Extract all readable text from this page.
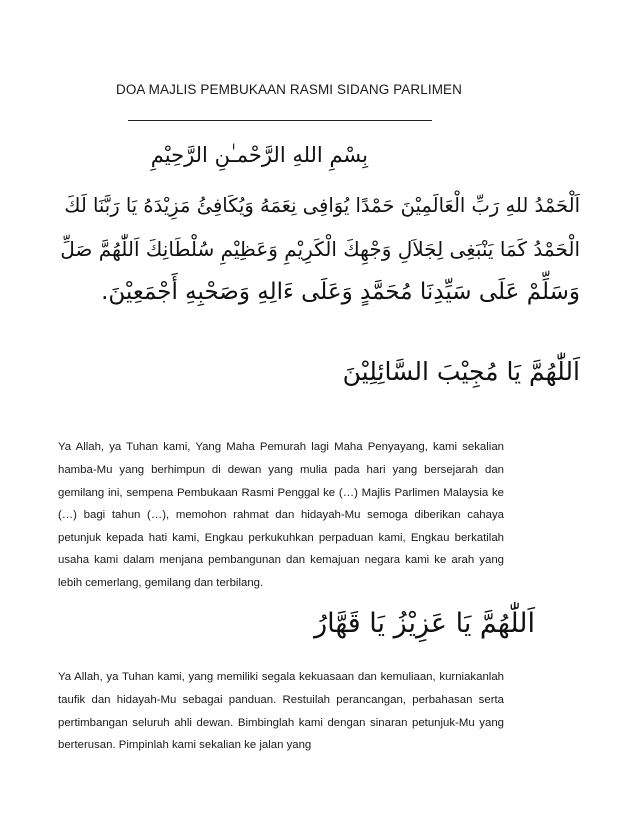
DOA MAJLIS PEMBUKAAN RASMI SIDANG PARLIMEN
بِسْمِ اللهِ الرَّحْمـٰنِ الرَّحِيْمِ
اَلْحَمْدُ للهِ رَبِّ الْعَالَمِيْنَ حَمْدًا يُوَافِى نِعَمَهُ وَيُكَافِئُ مَزِيْدَهُ يَا رَبَّنَا لَكَ
الْحَمْدُ كَمَا يَنْبَغِى لِجَلاَلِ وَجْهِكَ الْكَرِيْمِ وَعَظِيْمِ سُلْطَانِكَ اَللّٰهُمَّ صَلِّ
وَسَلِّمْ عَلَى سَيِّدِنَا مُحَمَّدٍ وَعَلَى ءَالِهِ وَصَحْبِهِ أَجْمَعِيْنَ.
اَللّٰهُمَّ يَا مُجِيْبَ السَّائِلِيْنَ

Ya Allah, ya Tuhan kami, Yang Maha Pemurah lagi Maha Penyayang, kami sekalian hamba-Mu yang berhimpun di dewan yang mulia pada hari yang bersejarah dan gemilang ini, sempena Pembukaan Rasmi Penggal ke (…) Majlis Parlimen Malaysia ke (…) bagi tahun (…), memohon rahmat dan hidayah-Mu semoga diberikan cahaya petunjuk kepada hati kami, Engkau perkukuhkan perpaduan kami, Engkau berkatilah usaha kami dalam menjana pembangunan dan kemajuan negara kami ke arah yang lebih cemerlang, gemilang dan terbilang.

اَللّٰهُمَّ يَا عَزِيْزُ يَا قَهَّارُ

Ya Allah, ya Tuhan kami, yang memiliki segala kekuasaan dan kemuliaan, kurniakanlah taufik dan hidayah-Mu sebagai panduan. Restuilah perancangan, perbahasan serta pertimbangan seluruh ahli dewan. Bimbinglah kami dengan sinaran petunjuk-Mu yang berterusan. Pimpinlah kami sekalian ke jalan yang
